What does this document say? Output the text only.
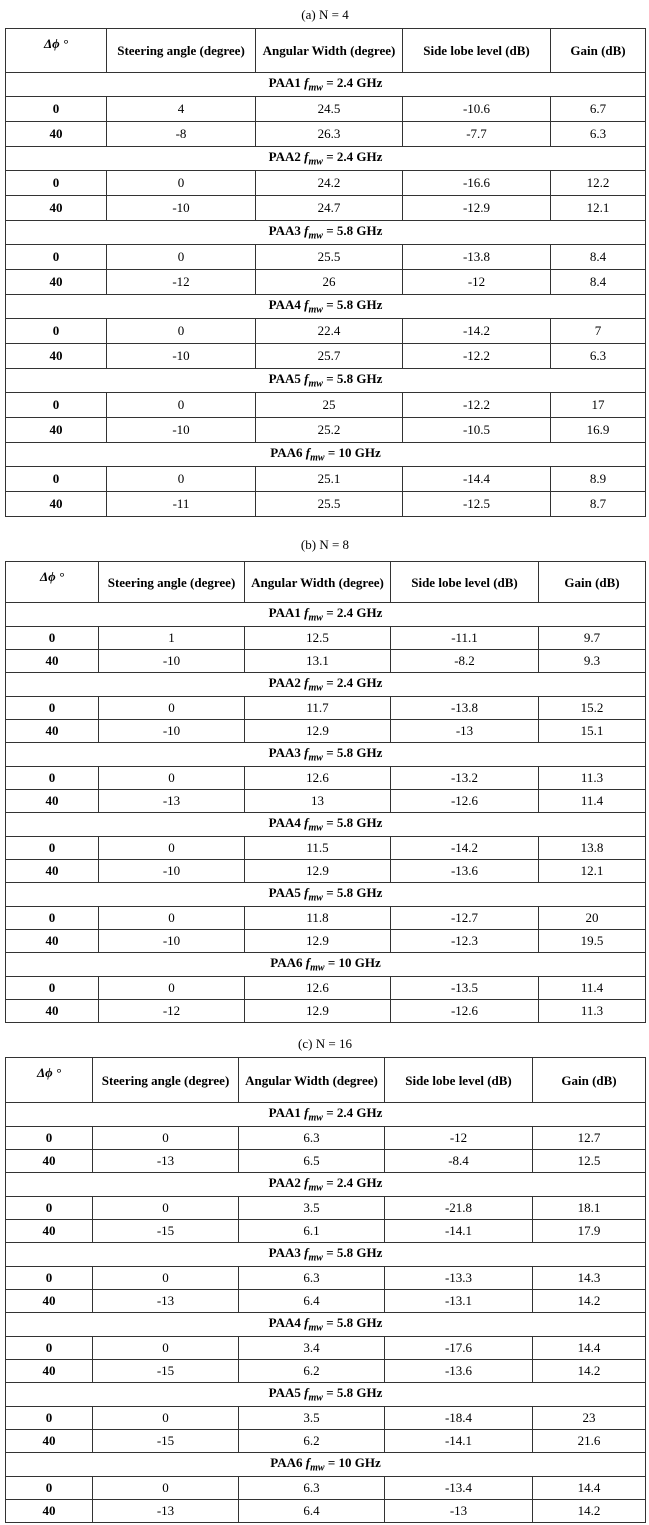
(a) N = 4
Δϕ °	Steering angle (degree)	Angular Width (degree)	Side lobe level (dB)	Gain (dB)
PAA1 $f_{mw} = 2.4$ GHz				
0	4	24.5	-10.6	6.7
40	-8	26.3	-7.7	6.3
PAA2 $f_{mw} = 2.4$ GHz				
0	0	24.2	-16.6	12.2
40	-10	24.7	-12.9	12.1
PAA3 $f_{mw} = 5.8$ GHz				
0	0	25.5	-13.8	8.4
40	-12	26	-12	8.4
PAA4 $f_{mw} = 5.8$ GHz				
0	0	22.4	-14.2	7
40	-10	25.7	-12.2	6.3
PAA5 $f_{mw} = 5.8$ GHz				
0	0	25	-12.2	17
40	-10	25.2	-10.5	16.9
PAA6 $f_{mw} = 10$ GHz				
0	0	25.1	-14.4	8.9
40	-11	25.5	-12.5	8.7
(b) N = 8
Δϕ °	Steering angle (degree)	Angular Width (degree)	Side lobe level (dB)	Gain (dB)
PAA1 $f_{mw} = 2.4$ GHz				
0	1	12.5	-11.1	9.7
40	-10	13.1	-8.2	9.3
PAA2 $f_{mw} = 2.4$ GHz				
0	0	11.7	-13.8	15.2
40	-10	12.9	-13	15.1
PAA3 $f_{mw} = 5.8$ GHz				
0	0	12.6	-13.2	11.3
40	-13	13	-12.6	11.4
PAA4 $f_{mw} = 5.8$ GHz				
0	0	11.5	-14.2	13.8
40	-10	12.9	-13.6	12.1
PAA5 $f_{mw} = 5.8$ GHz				
0	0	11.8	-12.7	20
40	-10	12.9	-12.3	19.5
PAA6 $f_{mw} = 10$ GHz				
0	0	12.6	-13.5	11.4
40	-12	12.9	-12.6	11.3
(c) N = 16
Δϕ °	Steering angle (degree)	Angular Width (degree)	Side lobe level (dB)	Gain (dB)
PAA1 $f_{mw} = 2.4$ GHz				
0	0	6.3	-12	12.7
40	-13	6.5	-8.4	12.5
PAA2 $f_{mw} = 2.4$ GHz				
0	0	3.5	-21.8	18.1
40	-15	6.1	-14.1	17.9
PAA3 $f_{mw} = 5.8$ GHz				
0	0	6.3	-13.3	14.3
40	-13	6.4	-13.1	14.2
PAA4 $f_{mw} = 5.8$ GHz				
0	0	3.4	-17.6	14.4
40	-15	6.2	-13.6	14.2
PAA5 $f_{mw} = 5.8$ GHz				
0	0	3.5	-18.4	23
40	-15	6.2	-14.1	21.6
PAA6 $f_{mw} = 10$ GHz				
0	0	6.3	-13.4	14.4
40	-13	6.4	-13	14.2
